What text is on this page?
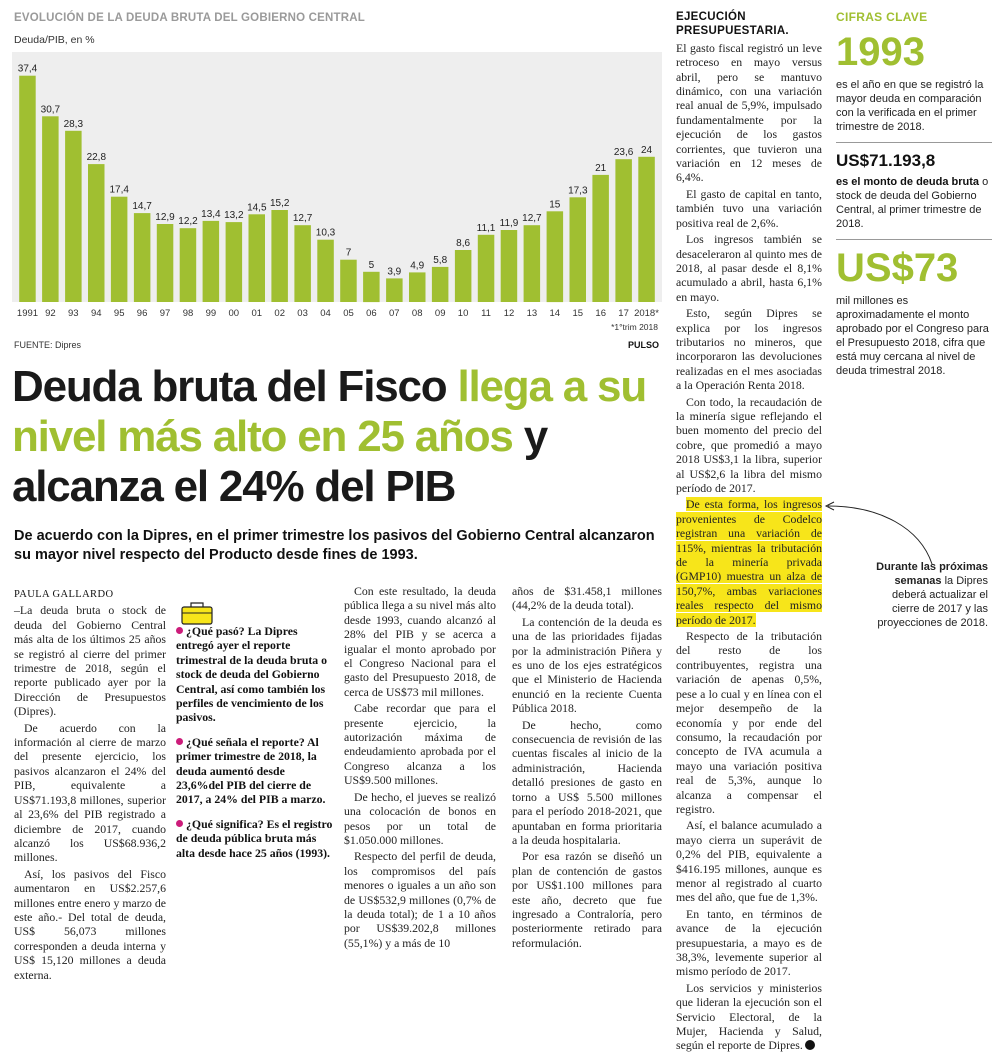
EVOLUCIÓN DE LA DEUDA BRUTA DEL GOBIERNO CENTRAL
Deuda/PIB, en %
37,4
1991
30,7
92
28,3
93
22,8
94
17,4
95
14,7
96
12,9
97
12,2
98
13,4
99
13,2
00
14,5
01
15,2
02
12,7
03
10,3
04
7
05
5
06
3,9
07
4,9
08
5,8
09
8,6
10
11,1
11
11,9
12
12,7
13
15
14
17,3
15
21
16
23,6
17
24
2018*
*1°trim 2018
FUENTE: Dipres	PULSO
Deuda bruta del Fisco llega a su nivel más alto en 25 años y alcanza el 24% del PIB
De acuerdo con la Dipres, en el primer trimestre los pasivos del Gobierno Central alcanzaron su mayor nivel respecto del Producto desde fines de 1993.
PAULA GALLARDO

–La deuda bruta o stock de deuda del Gobierno Central más alta de los últimos 25 años se registró al cierre del primer trimestre de 2018, según el reporte publicado ayer por la Dirección de Presupuestos (Dipres).

De acuerdo con la información al cierre de marzo del presente ejercicio, los pasivos alcanzaron el 24% del PIB, equivalente a US$71.193,8 millones, superior al 23,6% del PIB registrado a diciembre de 2017, cuando alcanzó los US$68.936,2 millones.

Así, los pasivos del Fisco aumentaron en US$2.257,6 millones entre enero y marzo de este año.- Del total de deuda, US$ 56,073 millones corresponden a deuda interna y US$ 15,120 millones a deuda externa.

¿Qué pasó? La Dipres entregó ayer el reporte trimestral de la deuda bruta o stock de deuda del Gobierno Central, así como también los perfiles de vencimiento de los pasivos.
¿Qué señala el reporte? Al primer trimestre de 2018, la deuda aumentó desde 23,6%del PIB del cierre de 2017, a 24% del PIB a marzo.
¿Qué significa? Es el registro de deuda pública bruta más alta desde hace 25 años (1993).

Con este resultado, la deuda pública llega a su nivel más alto desde 1993, cuando alcanzó al 28% del PIB y se acerca a igualar el monto aprobado por el Congreso Nacional para el gasto del Presupuesto 2018, de cerca de US$73 mil millones.

Cabe recordar que para el presente ejercicio, la autorización máxima de endeudamiento aprobada por el Congreso alcanza a los US$9.500 millones.

De hecho, el jueves se realizó una colocación de bonos en pesos por un total de $1.050.000 millones.

Respecto del perfil de deuda, los compromisos del país menores o iguales a un año son de US$532,9 millones (0,7% de la deuda total); de 1 a 10 años por US$39.202,8 millones (55,1%) y a más de 10

años de $31.458,1 millones (44,2% de la deuda total).

La contención de la deuda es una de las prioridades fijadas por la administración Piñera y es uno de los ejes estratégicos que el Ministerio de Hacienda enunció en la reciente Cuenta Pública 2018.

De hecho, como consecuencia de revisión de las cuentas fiscales al inicio de la administración, Hacienda detalló presiones de gasto en torno a US$ 5.500 millones para el período 2018-2021, que apuntaban en forma prioritaria a la deuda hospitalaria.

Por esa razón se diseñó un plan de contención de gastos por US$1.100 millones para este año, decreto que fue ingresado a Contraloría, pero posteriormente retirado para reformulación.

EJECUCIÓN PRESUPUESTARIA.

El gasto fiscal registró un leve retroceso en mayo versus abril, pero se mantuvo dinámico, con una variación real anual de 5,9%, impulsado fundamentalmente por la ejecución de los gastos corrientes, que tuvieron una variación en 12 meses de 6,4%.

El gasto de capital en tanto, también tuvo una variación positiva real de 2,6%.

Los ingresos también se desaceleraron al quinto mes de 2018, al pasar desde el 8,1% acumulado a abril, hasta 6,1% en mayo.

Esto, según Dipres se explica por los ingresos tributarios no mineros, que incorporaron las devoluciones realizadas en el mes asociadas a la Operación Renta 2018.

Con todo, la recaudación de la minería sigue reflejando el buen momento del precio del cobre, que promedió a mayo 2018 US$3,1 la libra, superior al US$2,6 la libra del mismo período de 2017.

De esta forma, los ingresos provenientes de Codelco registran una variación de 115%, mientras la tributación de la minería privada (GMP10) muestra un alza de 150,7%, ambas variaciones reales respecto del mismo período de 2017.

Respecto de la tributación del resto de los contribuyentes, registra una variación de apenas 0,5%, pese a lo cual y en línea con el mejor desempeño de la economía y por ende del consumo, la recaudación por concepto de IVA acumula a mayo una variación positiva real de 5,3%, aunque lo alcanza a compensar el registro.

Así, el balance acumulado a mayo cierra un superávit de 0,2% del PIB, equivalente a $416.195 millones, aunque es menor al registrado al cuarto mes del año, que fue de 1,3%.

En tanto, en términos de avance de la ejecución presupuestaria, a mayo es de 38,3%, levemente superior al mismo período de 2017.

Los servicios y ministerios que lideran la ejecución son el Servicio Electoral, de la Mujer, Hacienda y Salud, según el reporte de Dipres.

CIFRAS CLAVE
1993
es el año en que se registró la mayor deuda en comparación con la verificada en el primer trimestre de 2018.
US$71.193,8
es el monto de deuda bruta o stock de deuda del Gobierno Central, al primer trimestre de 2018.
US$73
mil millones es aproximadamente el monto aprobado por el Congreso para el Presupuesto 2018, cifra que está muy cercana al nivel de deuda trimestral 2018.
Durante las próximas semanas la Dipres deberá actualizar el cierre de 2017 y las proyecciones de 2018.
